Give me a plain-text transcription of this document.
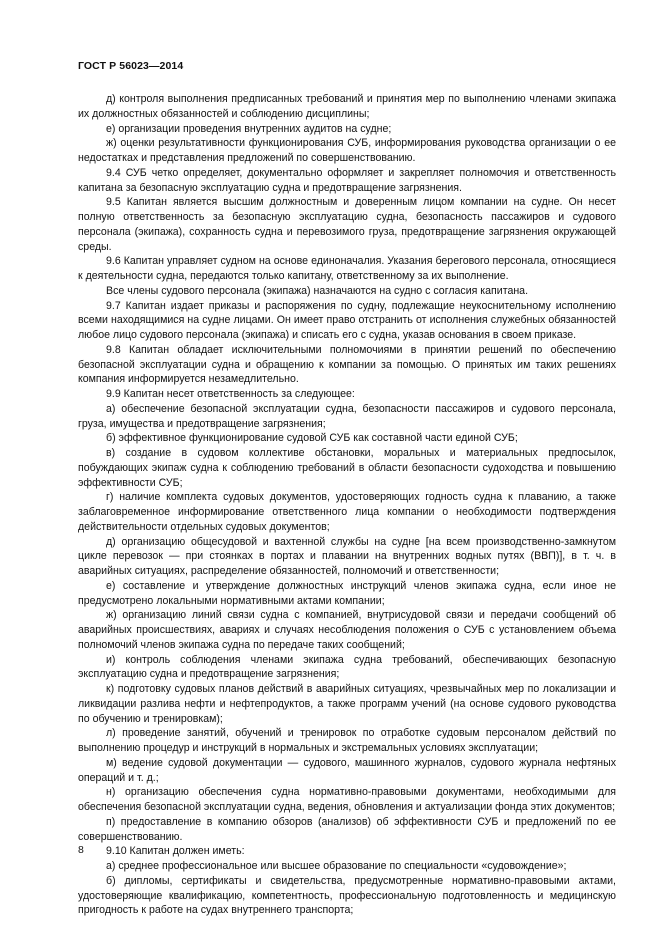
ГОСТ Р 56023—2014

д) контроля выполнения предписанных требований и принятия мер по выполнению членами экипажа их должностных обязанностей и соблюдению дисциплины;

е) организации проведения внутренних аудитов на судне;

ж) оценки результативности функционирования СУБ, информирования руководства организации о ее недостатках и представления предложений по совершенствованию.

9.4 СУБ четко определяет, документально оформляет и закрепляет полномочия и ответственность капитана за безопасную эксплуатацию судна и предотвращение загрязнения.

9.5 Капитан является высшим должностным и доверенным лицом компании на судне. Он несет полную ответственность за безопасную эксплуатацию судна, безопасность пассажиров и судового персонала (экипажа), сохранность судна и перевозимого груза, предотвращение загрязнения окружающей среды.

9.6 Капитан управляет судном на основе единоначалия. Указания берегового персонала, относящиеся к деятельности судна, передаются только капитану, ответственному за их выполнение.

Все члены судового персонала (экипажа) назначаются на судно с согласия капитана.

9.7 Капитан издает приказы и распоряжения по судну, подлежащие неукоснительному исполнению всеми находящимися на судне лицами. Он имеет право отстранить от исполнения служебных обязанностей любое лицо судового персонала (экипажа) и списать его с судна, указав основания в своем приказе.

9.8 Капитан обладает исключительными полномочиями в принятии решений по обеспечению безопасной эксплуатации судна и обращению к компании за помощью. О принятых им таких решениях компания информируется незамедлительно.

9.9 Капитан несет ответственность за следующее:

а) обеспечение безопасной эксплуатации судна, безопасности пассажиров и судового персонала, груза, имущества и предотвращение загрязнения;

б) эффективное функционирование судовой СУБ как составной части единой СУБ;

в) создание в судовом коллективе обстановки, моральных и материальных предпосылок, побуждающих экипаж судна к соблюдению требований в области безопасности судоходства и повышению эффективности СУБ;

г) наличие комплекта судовых документов, удостоверяющих годность судна к плаванию, а также заблаговременное информирование ответственного лица компании о необходимости подтверждения действительности отдельных судовых документов;

д) организацию общесудовой и вахтенной службы на судне [на всем производственно-замкнутом цикле перевозок — при стоянках в портах и плавании на внутренних водных путях (ВВП)], в т. ч. в аварийных ситуациях, распределение обязанностей, полномочий и ответственности;

е) составление и утверждение должностных инструкций членов экипажа судна, если иное не предусмотрено локальными нормативными актами компании;

ж) организацию линий связи судна с компанией, внутрисудовой связи и передачи сообщений об аварийных происшествиях, авариях и случаях несоблюдения положения о СУБ с установлением объема полномочий членов экипажа судна по передаче таких сообщений;

и) контроль соблюдения членами экипажа судна требований, обеспечивающих безопасную эксплуатацию судна и предотвращение загрязнения;

к) подготовку судовых планов действий в аварийных ситуациях, чрезвычайных мер по локализации и ликвидации разлива нефти и нефтепродуктов, а также программ учений (на основе судового руководства по обучению и тренировкам);

л) проведение занятий, обучений и тренировок по отработке судовым персоналом действий по выполнению процедур и инструкций в нормальных и экстремальных условиях эксплуатации;

м) ведение судовой документации — судового, машинного журналов, судового журнала нефтяных операций и т. д.;

н) организацию обеспечения судна нормативно-правовыми документами, необходимыми для обеспечения безопасной эксплуатации судна, ведения, обновления и актуализации фонда этих документов;

п) предоставление в компанию обзоров (анализов) об эффективности СУБ и предложений по ее совершенствованию.

9.10 Капитан должен иметь:

а) среднее профессиональное или высшее образование по специальности «судовождение»;

б) дипломы, сертификаты и свидетельства, предусмотренные нормативно-правовыми актами, удостоверяющие квалификацию, компетентность, профессиональную подготовленность и медицинскую пригодность к работе на судах внутреннего транспорта;

8
